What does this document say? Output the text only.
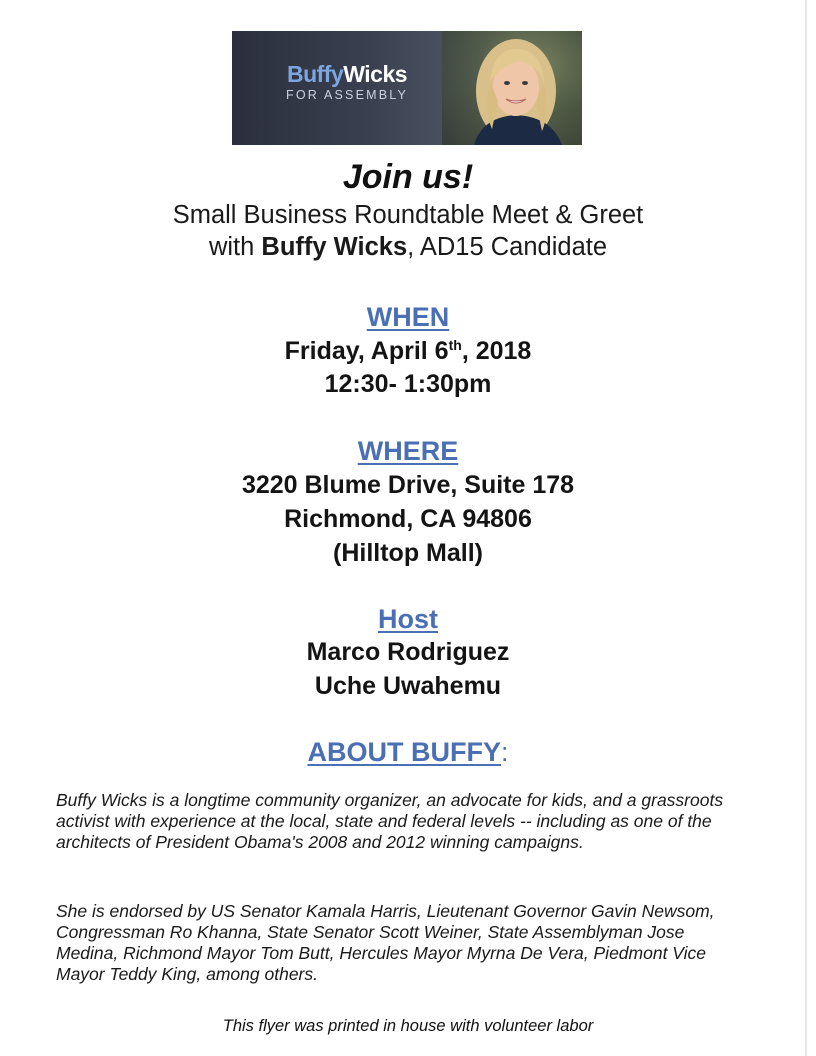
BuffyWicks
FOR ASSEMBLY
Join us!
Small Business Roundtable Meet & Greet
with Buffy Wicks, AD15 Candidate
WHEN
Friday, April 6th, 2018
12:30- 1:30pm
WHERE
3220 Blume Drive, Suite 178
Richmond, CA 94806
(Hilltop Mall)
Host
Marco Rodriguez
Uche Uwahemu
ABOUT BUFFY:
Buffy Wicks is a longtime community organizer, an advocate for kids, and a grassroots activist with experience at the local, state and federal levels -- including as one of the architects of President Obama's 2008 and 2012 winning campaigns.
She is endorsed by US Senator Kamala Harris, Lieutenant Governor Gavin Newsom, Congressman Ro Khanna, State Senator Scott Weiner, State Assemblyman Jose Medina, Richmond Mayor Tom Butt, Hercules Mayor Myrna De Vera, Piedmont Vice Mayor Teddy King, among others.
This flyer was printed in house with volunteer labor
